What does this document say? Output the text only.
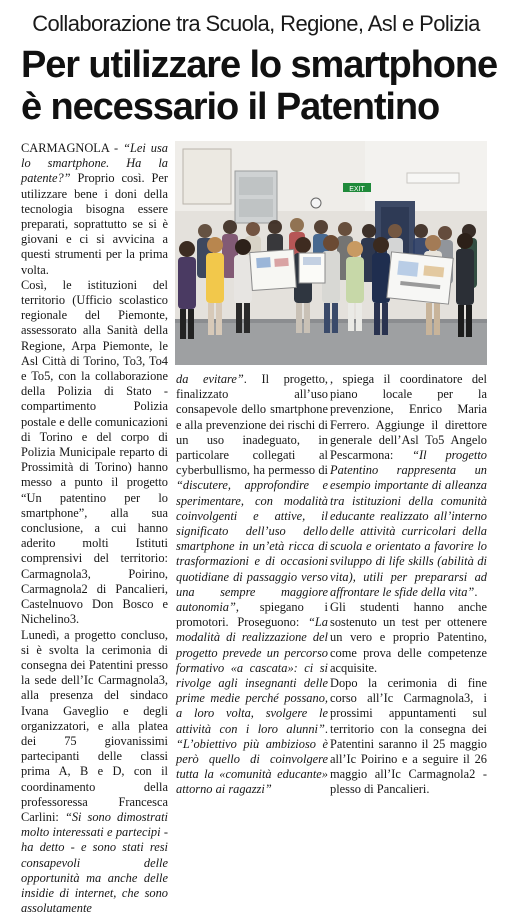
Collaborazione tra Scuola, Regione, Asl e Polizia
Per utilizzare lo smartphone
è necessario il Patentino
EXIT

CARMAGNOLA - “Lei usa lo smartphone. Ha la patente?” Proprio così. Per utilizzare bene i doni della tecnologia bisogna essere preparati, soprattutto se si è giovani e ci si avvicina a questi strumenti per la prima volta.

Così, le istituzioni del territorio (Ufficio scolastico regionale del Piemonte, assessorato alla Sanità della Regione, Arpa Piemonte, le Asl Città di Torino, To3, To4 e To5, con la collaborazione della Polizia di Stato - compartimento Polizia postale e delle comunicazioni di Torino e del corpo di Polizia Municipale reparto di Prossimità di Torino) hanno messo a punto il progetto “Un patentino per lo smartphone”, alla sua conclusione, a cui hanno aderito molti Istituti comprensivi del territorio: Carmagnola3, Poirino, Carmagnola2 di Pancalieri, Castelnuovo Don Bosco e Nichelino3.

Lunedì, a progetto concluso, si è svolta la cerimonia di consegna dei Patentini presso la sede dell’Ic Carmagnola3, alla presenza del sindaco Ivana Gaveglio e degli organizzatori, e alla platea dei 75 giovanissimi partecipanti delle classi prima A, B e D, con il coordinamento della professoressa Francesca Carlini: “Si sono dimostrati molto interessati e partecipi - ha detto - e sono stati resi consapevoli delle opportunità ma anche delle insidie di internet, che sono assolutamente

da evitare”. Il progetto, finalizzato all’uso consapevole dello smartphone e alla prevenzione dei rischi di un uso inadeguato, in particolare collegati al cyberbullismo, ha permesso di “discutere, approfondire e sperimentare, con modalità coinvolgenti e attive, il significato dell’uso dello smartphone in un’età ricca di trasformazioni e di occasioni quotidiane di passaggio verso una sempre maggiore autonomia”, spiegano i promotori. Proseguono: “La modalità di realizzazione del progetto prevede un percorso formativo «a cascata»: ci si rivolge agli insegnanti delle prime medie perché possano, a loro volta, svolgere le attività con i loro alunni”. “L’obiettivo più ambizioso è però quello di coinvolgere tutta la «comunità educante» attorno ai ragazzi”

, spiega il coordinatore del piano locale per la prevenzione, Enrico Maria Ferrero. Aggiunge il direttore generale dell’Asl To5 Angelo Pescarmona: “Il progetto Patentino rappresenta un esempio importante di alleanza tra istituzioni della comunità educante realizzato all’interno delle attività curricolari della scuola e orientato a favorire lo sviluppo di life skills (abilità di vita), utili per prepararsi ad affrontare le sfide della vita”.

Gli studenti hanno anche sostenuto un test per ottenere un vero e proprio Patentino, come prova delle competenze acquisite.

Dopo la cerimonia di fine corso all’Ic Carmagnola3, i prossimi appuntamenti sul territorio con la consegna dei Patentini saranno il 25 maggio all’Ic Poirino e a seguire il 26 maggio all’Ic Carmagnola2 - plesso di Pancalieri.
